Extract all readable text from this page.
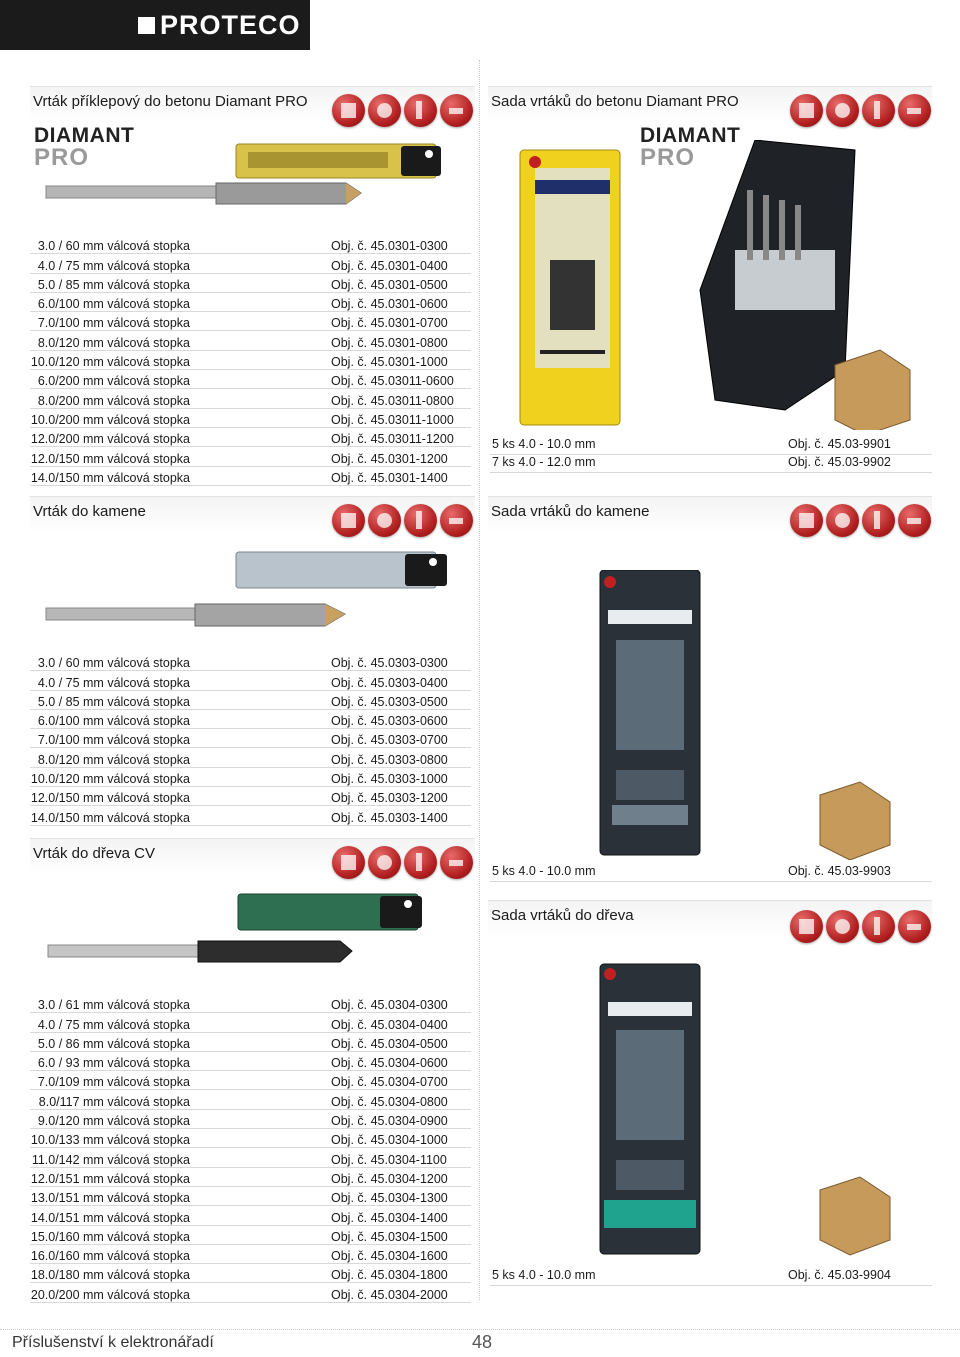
PROTECO
Vrták příklepový do betonu Diamant PRO
DIAMANT
PRO
3.0 / 60 mm válcová stopka		Obj. č. 45.0301-0300
4.0 / 75 mm válcová stopka		Obj. č. 45.0301-0400
5.0 / 85 mm válcová stopka		Obj. č. 45.0301-0500
6.0/100 mm válcová stopka		Obj. č. 45.0301-0600
7.0/100 mm válcová stopka		Obj. č. 45.0301-0700
8.0/120 mm válcová stopka		Obj. č. 45.0301-0800
10.0/120 mm válcová stopka		Obj. č. 45.0301-1000
6.0/200 mm válcová stopka		Obj. č. 45.03011-0600
8.0/200 mm válcová stopka		Obj. č. 45.03011-0800
10.0/200 mm válcová stopka		Obj. č. 45.03011-1000
12.0/200 mm válcová stopka		Obj. č. 45.03011-1200
12.0/150 mm válcová stopka		Obj. č. 45.0301-1200
14.0/150 mm válcová stopka		Obj. č. 45.0301-1400
Sada vrtáků do betonu Diamant PRO
DIAMANT
PRO
5 ks 4.0 - 10.0 mm	Obj. č. 45.03-9901
7 ks 4.0 - 12.0 mm	Obj. č. 45.03-9902
Vrták do kamene
3.0 / 60 mm válcová stopka		Obj. č. 45.0303-0300
4.0 / 75 mm válcová stopka		Obj. č. 45.0303-0400
5.0 / 85 mm válcová stopka		Obj. č. 45.0303-0500
6.0/100 mm válcová stopka		Obj. č. 45.0303-0600
7.0/100 mm válcová stopka		Obj. č. 45.0303-0700
8.0/120 mm válcová stopka		Obj. č. 45.0303-0800
10.0/120 mm válcová stopka		Obj. č. 45.0303-1000
12.0/150 mm válcová stopka		Obj. č. 45.0303-1200
14.0/150 mm válcová stopka		Obj. č. 45.0303-1400
Sada vrtáků do kamene
5 ks 4.0 - 10.0 mm	Obj. č. 45.03-9903
Vrták do dřeva CV
3.0 / 61 mm válcová stopka		Obj. č. 45.0304-0300
4.0 / 75 mm válcová stopka		Obj. č. 45.0304-0400
5.0 / 86 mm válcová stopka		Obj. č. 45.0304-0500
6.0 / 93 mm válcová stopka		Obj. č. 45.0304-0600
7.0/109 mm válcová stopka		Obj. č. 45.0304-0700
8.0/117 mm válcová stopka		Obj. č. 45.0304-0800
9.0/120 mm válcová stopka		Obj. č. 45.0304-0900
10.0/133 mm válcová stopka		Obj. č. 45.0304-1000
11.0/142 mm válcová stopka		Obj. č. 45.0304-1100
12.0/151 mm válcová stopka		Obj. č. 45.0304-1200
13.0/151 mm válcová stopka		Obj. č. 45.0304-1300
14.0/151 mm válcová stopka		Obj. č. 45.0304-1400
15.0/160 mm válcová stopka		Obj. č. 45.0304-1500
16.0/160 mm válcová stopka		Obj. č. 45.0304-1600
18.0/180 mm válcová stopka		Obj. č. 45.0304-1800
20.0/200 mm válcová stopka		Obj. č. 45.0304-2000
Sada vrtáků do dřeva
5 ks 4.0 - 10.0 mm	Obj. č. 45.03-9904
Příslušenství k elektronářadí	48
